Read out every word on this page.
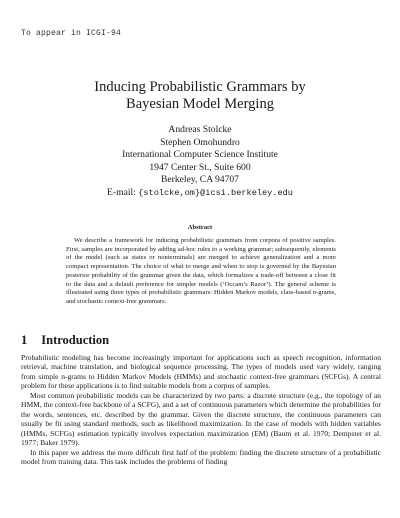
To appear in ICGI-94
Inducing Probabilistic Grammars by
Bayesian Model Merging
Andreas Stolcke
Stephen Omohundro
International Computer Science Institute
1947 Center St., Suite 600
Berkeley, CA 94707
E-mail: {stolcke,om}@icsi.berkeley.edu
Abstract
We describe a framework for inducing probabilistic grammars from corpora of positive samples. First, samples are incorporated by adding ad-hoc rules to a working grammar; subsequently, elements of the model (such as states or nonterminals) are merged to achieve generalization and a more compact representation. The choice of what to merge and when to stop is governed by the Bayesian posterior probability of the grammar given the data, which formalizes a trade-off between a close fit to the data and a default preference for simpler models (‘Occam’s Razor’). The general scheme is illustrated using three types of probabilistic grammars: Hidden Markov models, class-based n-grams, and stochastic context-free grammars.
1 Introduction

Probabilistic modeling has become increasingly important for applications such as speech recognition, information retrieval, machine translation, and biological sequence processing. The types of models used vary widely, ranging from simple n-grams to Hidden Markov Models (HMMs) and stochastic context-free grammars (SCFGs). A central problem for these applications is to find suitable models from a corpus of samples.

Most common probabilistic models can be characterized by two parts: a discrete structure (e.g., the topology of an HMM, the context-free backbone of a SCFG), and a set of continuous parameters which determine the probabilities for the words, sentences, etc. described by the grammar. Given the discrete structure, the continuous parameters can usually be fit using standard methods, such as likelihood maximization. In the case of models with hidden variables (HMMs, SCFGs) estimation typically involves expectation maximization (EM) (Baum et al. 1970; Dempster et al. 1977; Baker 1979).

In this paper we address the more difficult first half of the problem: finding the discrete structure of a probabilistic model from training data. This task includes the problems of finding
